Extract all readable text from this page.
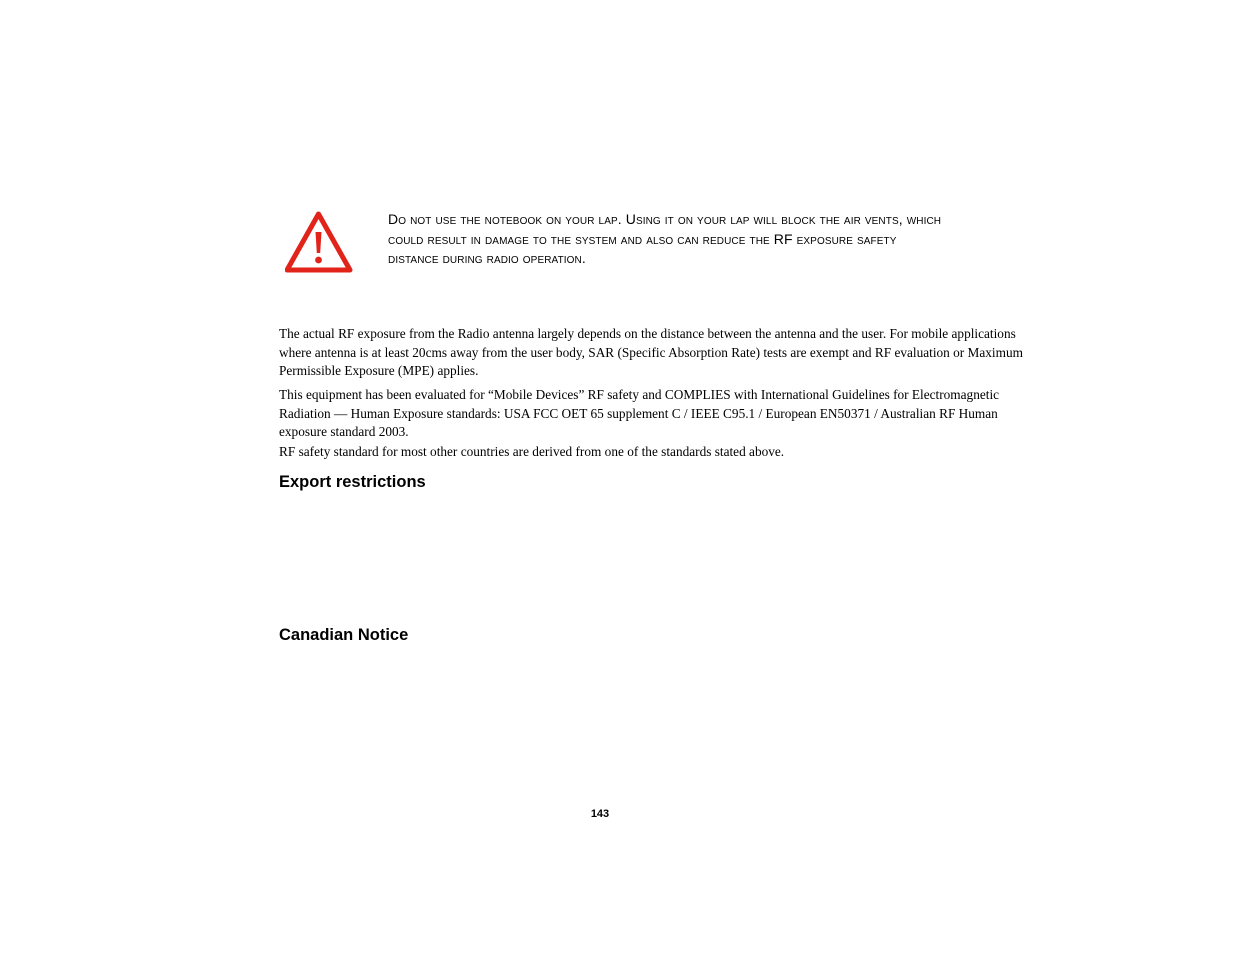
Do not use the notebook on your lap. Using it on your lap will block the air vents, which
could result in damage to the system and also can reduce the RF exposure safety
distance during radio operation.
The actual RF exposure from the Radio antenna largely depends on the distance between the antenna and the user. For mobile applications
where antenna is at least 20cms away from the user body, SAR (Specific Absorption Rate) tests are exempt and RF evaluation or Maximum
Permissible Exposure (MPE) applies.
This equipment has been evaluated for “Mobile Devices” RF safety and COMPLIES with International Guidelines for Electromagnetic
Radiation — Human Exposure standards: USA FCC OET 65 supplement C / IEEE C95.1 / European EN50371 / Australian RF Human
exposure standard 2003.
RF safety standard for most other countries are derived from one of the standards stated above.
Export restrictions
Canadian Notice
143
